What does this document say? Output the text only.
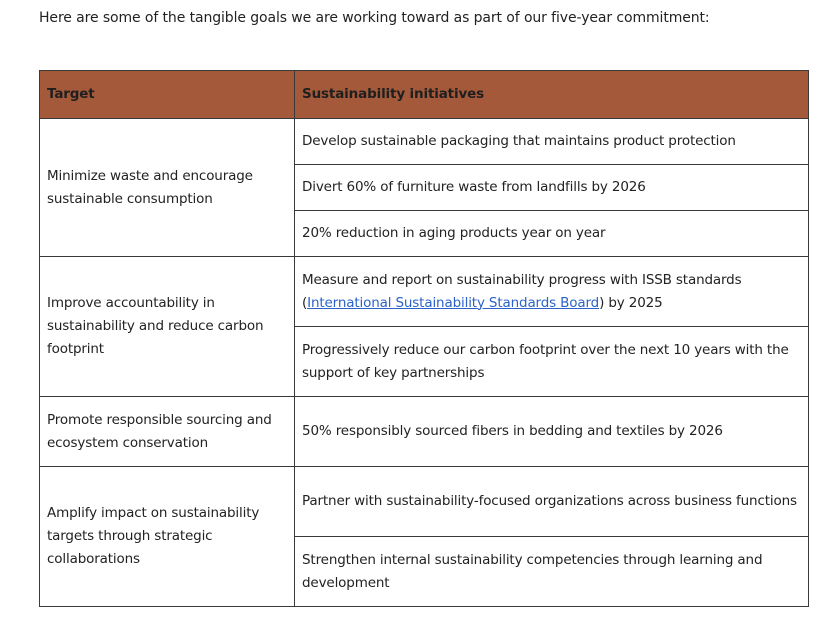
Here are some of the tangible goals we are working toward as part of our five-year commitment:

Target	Sustainability initiatives
Minimize waste and encourage sustainable consumption	Develop sustainable packaging that maintains product protection
	Divert 60% of furniture waste from landfills by 2026
	20% reduction in aging products year on year
Improve accountability in sustainability and reduce carbon footprint	Measure and report on sustainability progress with ISSB standards (International Sustainability Standards Board) by 2025
	Progressively reduce our carbon footprint over the next 10 years with the support of key partnerships
Promote responsible sourcing and ecosystem conservation	50% responsibly sourced fibers in bedding and textiles by 2026
Amplify impact on sustainability targets through strategic collaborations	Partner with sustainability-focused organizations across business functions
	Strengthen internal sustainability competencies through learning and development
